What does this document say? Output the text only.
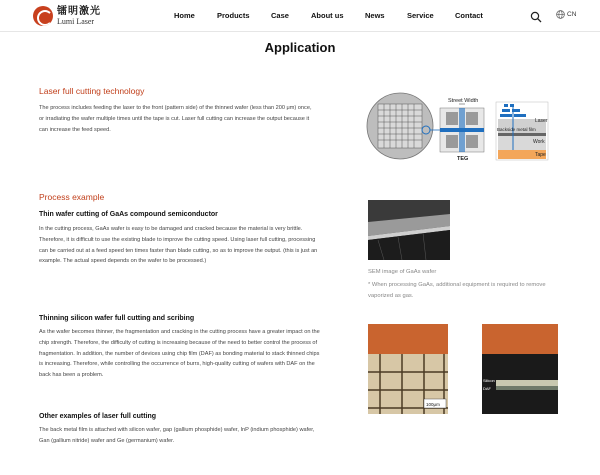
镭明激光
Lumi Laser
Home	Products	Case	About us	News	Service	Contact	CN
Application
Laser full cutting technology
The process includes feeding the laser to the front (pattern side) of the thinned wafer (less than 200 μm) once, or irradiating the wafer multiple times until the tape is cut. Laser full cutting can increase the output because it can increase the feed speed.
Street Width
TEG
Laser
Backside metal film
Work
Tape
Process example
Thin wafer cutting of GaAs compound semiconductor
In the cutting process, GaAs wafer is easy to be damaged and cracked because the material is very brittle. Therefore, it is difficult to use the existing blade to improve the cutting speed. Using laser full cutting, processing can be carried out at a feed speed ten times faster than blade cutting, so as to improve the output. (this is just an example. The actual speed depends on the wafer to be processed.)
SEM image of GaAs wafer
* When processing GaAs, additional equipment is required to remove vaporized as gas.
Thinning silicon wafer full cutting and scribing
As the wafer becomes thinner, the fragmentation and cracking in the cutting process have a greater impact on the chip strength. Therefore, the difficulty of cutting is increasing because of the need to better control the process of fragmentation. In addition, the number of devices using chip film (DAF) as bonding material to stack thinned chips is increasing. Therefore, while controlling the occurrence of burrs, high-quality cutting of wafers with DAF on the back has been a problem.
100μm
Silicon
DAF
Other examples of laser full cutting
The back metal film is attached with silicon wafer, gap (gallium phosphide) wafer, InP (indium phosphide) wafer, Gan (gallium nitride) wafer and Ge (germanium) wafer.
